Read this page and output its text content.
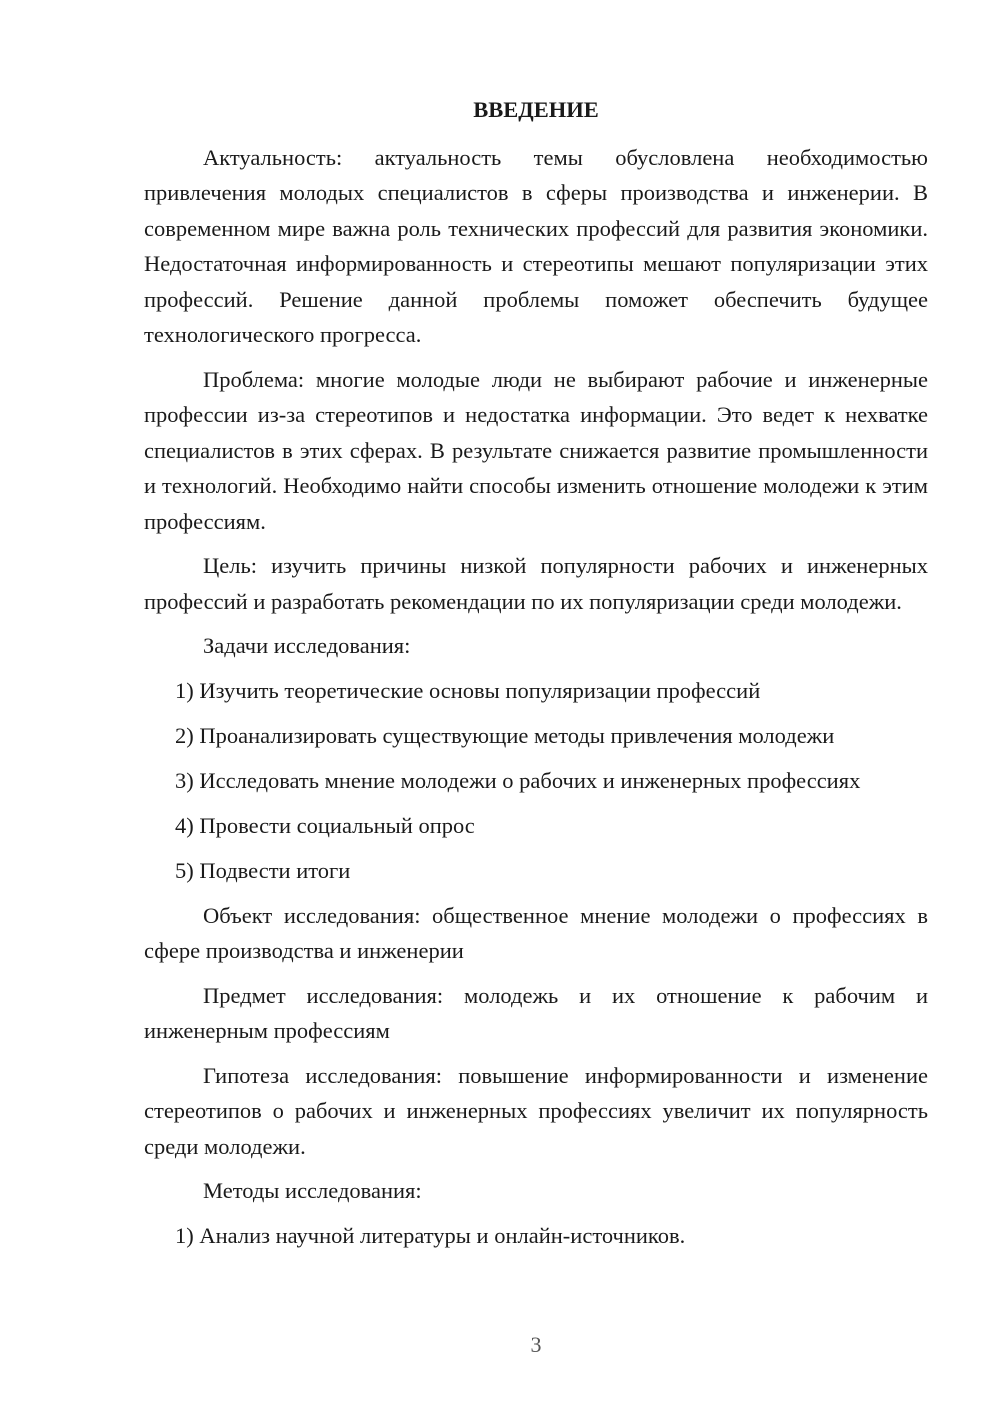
ВВЕДЕНИЕ

Актуальность: актуальность темы обусловлена необходимостью привлечения молодых специалистов в сферы производства и инженерии. В современном мире важна роль технических профессий для развития экономики. Недостаточная информированность и стереотипы мешают популяризации этих профессий. Решение данной проблемы поможет обеспечить будущее технологического прогресса.

Проблема: многие молодые люди не выбирают рабочие и инженерные профессии из-за стереотипов и недостатка информации. Это ведет к нехватке специалистов в этих сферах. В результате снижается развитие промышленности и технологий. Необходимо найти способы изменить отношение молодежи к этим профессиям.

Цель: изучить причины низкой популярности рабочих и инженерных профессий и разработать рекомендации по их популяризации среди молодежи.

Задачи исследования:

1) Изучить теоретические основы популяризации профессий
2) Проанализировать существующие методы привлечения молодежи
3) Исследовать мнение молодежи о рабочих и инженерных профессиях
4) Провести социальный опрос
5) Подвести итоги

Объект исследования: общественное мнение молодежи о профессиях в сфере производства и инженерии

Предмет исследования: молодежь и их отношение к рабочим и инженерным профессиям

Гипотеза исследования: повышение информированности и изменение стереотипов о рабочих и инженерных профессиях увеличит их популярность среди молодежи.

Методы исследования:

1) Анализ научной литературы и онлайн-источников.
3
